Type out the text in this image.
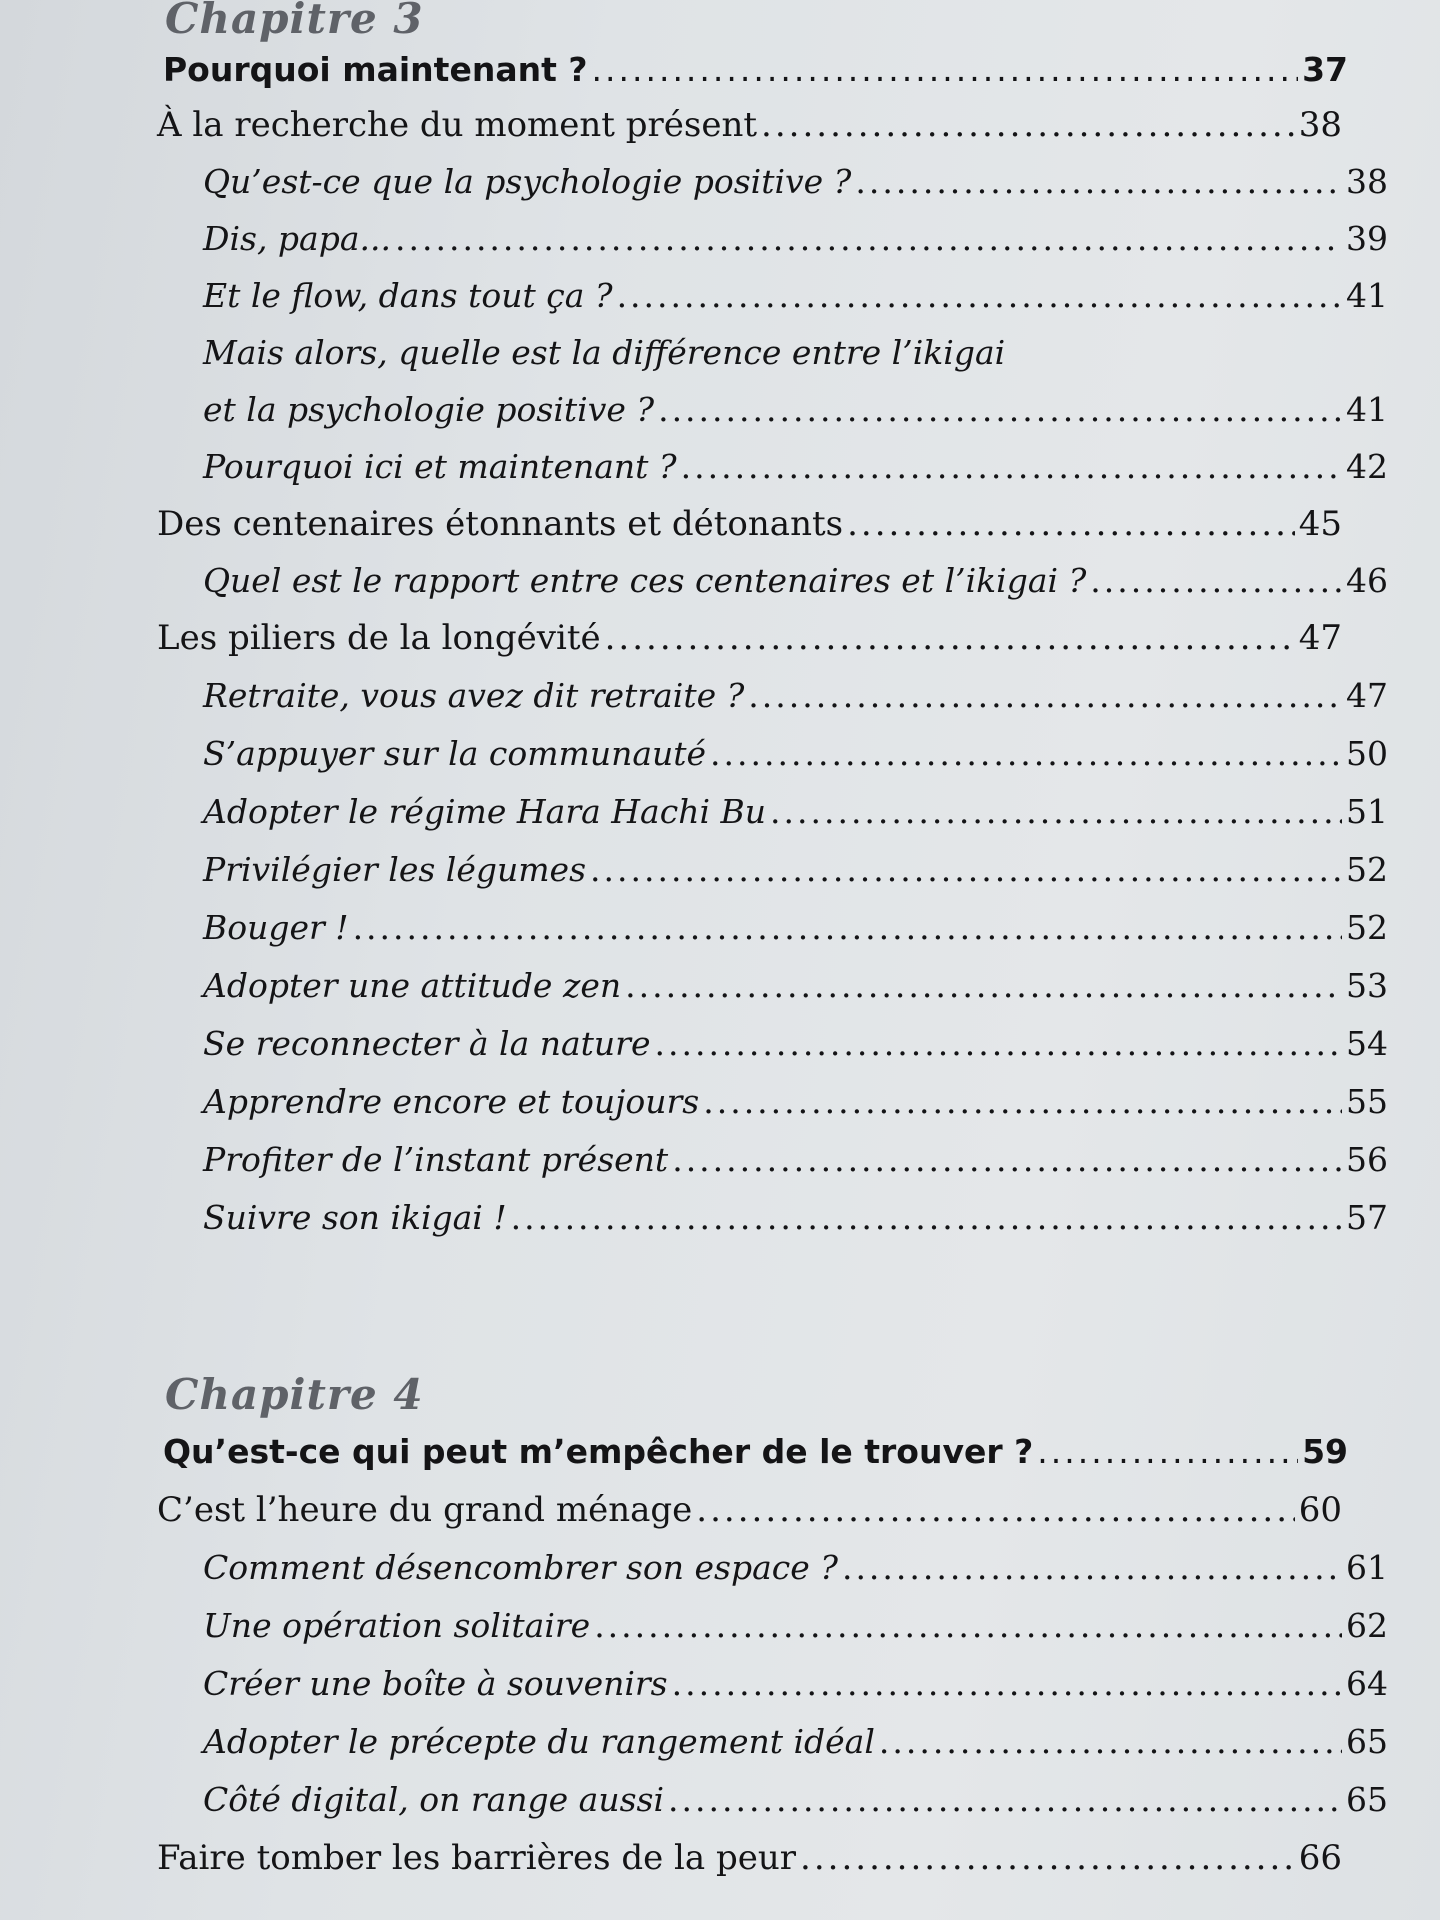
Chapitre 3
Pourquoi maintenant ? .....	37
À la recherche du moment présent .....	38
Qu’est-ce que la psychologie positive ? .....	38
Dis, papa... .....	39
Et le flow, dans tout ça ? .....	41
Mais alors, quelle est la différence entre l’ikigai
et la psychologie positive ? .....	41
Pourquoi ici et maintenant ? .....	42
Des centenaires étonnants et détonants .....	45
Quel est le rapport entre ces centenaires et l’ikigai ? .....	46
Les piliers de la longévité .....	47
Retraite, vous avez dit retraite ? .....	47
S’appuyer sur la communauté .....	50
Adopter le régime Hara Hachi Bu .....	51
Privilégier les légumes .....	52
Bouger ! .....	52
Adopter une attitude zen .....	53
Se reconnecter à la nature .....	54
Apprendre encore et toujours .....	55
Profiter de l’instant présent .....	56
Suivre son ikigai ! .....	57
Chapitre 4
Qu’est-ce qui peut m’empêcher de le trouver ? .....	59
C’est l’heure du grand ménage .....	60
Comment désencombrer son espace ? .....	61
Une opération solitaire .....	62
Créer une boîte à souvenirs .....	64
Adopter le précepte du rangement idéal .....	65
Côté digital, on range aussi .....	65
Faire tomber les barrières de la peur .....	66
